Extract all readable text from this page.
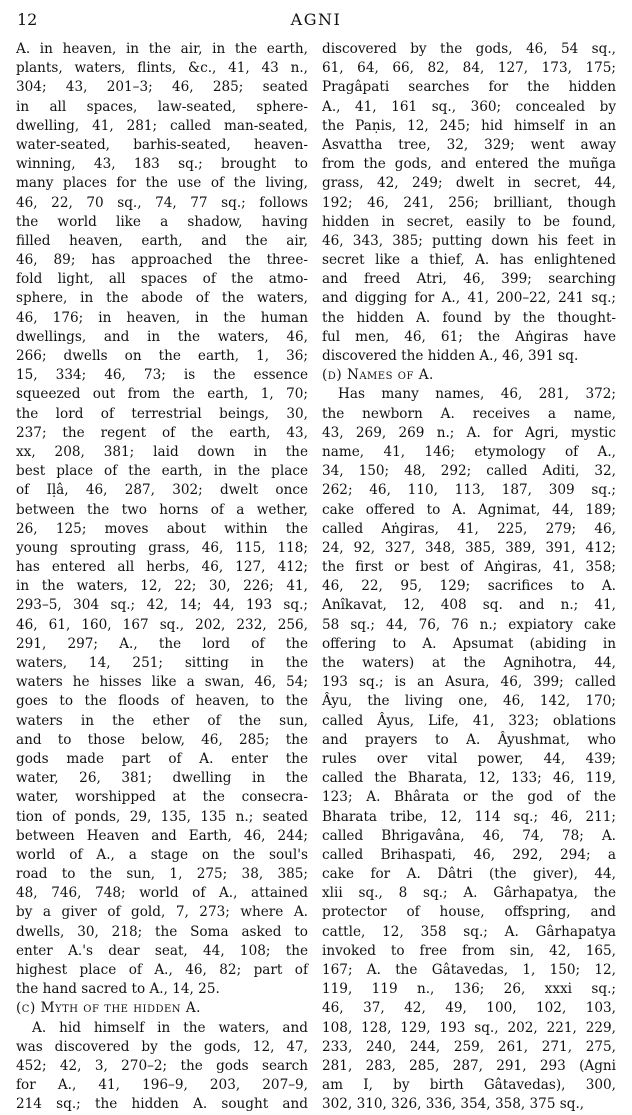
12	AGNI
A. in heaven, in the air, in the earth,
plants, waters, flints, &c., 41, 43 n.,
304; 43, 201–3; 46, 285; seated
in all spaces, law-seated, sphere-
dwelling, 41, 281; called man-seated,
water-seated, barhis-seated, heaven-
winning, 43, 183 sq.; brought to
many places for the use of the living,
46, 22, 70 sq., 74, 77 sq.; follows
the world like a shadow, having
filled heaven, earth, and the air,
46, 89; has approached the three-
fold light, all spaces of the atmo-
sphere, in the abode of the waters,
46, 176; in heaven, in the human
dwellings, and in the waters, 46,
266; dwells on the earth, 1, 36;
15, 334; 46, 73; is the essence
squeezed out from the earth, 1, 70;
the lord of terrestrial beings, 30,
237; the regent of the earth, 43,
xx, 208, 381; laid down in the
best place of the earth, in the place
of Iḷâ, 46, 287, 302; dwelt once
between the two horns of a wether,
26, 125; moves about within the
young sprouting grass, 46, 115, 118;
has entered all herbs, 46, 127, 412;
in the waters, 12, 22; 30, 226; 41,
293–5, 304 sq.; 42, 14; 44, 193 sq.;
46, 61, 160, 167 sq., 202, 232, 256,
291, 297; A., the lord of the
waters, 14, 251; sitting in the
waters he hisses like a swan, 46, 54;
goes to the floods of heaven, to the
waters in the ether of the sun,
and to those below, 46, 285; the
gods made part of A. enter the
water, 26, 381; dwelling in the
water, worshipped at the consecra-
tion of ponds, 29, 135, 135 n.; seated
between Heaven and Earth, 46, 244;
world of A., a stage on the soul's
road to the sun, 1, 275; 38, 385;
48, 746, 748; world of A., attained
by a giver of gold, 7, 273; where A.
dwells, 30, 218; the Soma asked to
enter A.'s dear seat, 44, 108; the
highest place of A., 46, 82; part of
the hand sacred to A., 14, 25.
(c) Myth of the hidden A.
A. hid himself in the waters, and
was discovered by the gods, 12, 47,
452; 42, 3, 270–2; the gods search
for A., 41, 196–9, 203, 207–9,
214 sq.; the hidden A. sought and
discovered by the gods, 46, 54 sq.,
61, 64, 66, 82, 84, 127, 173, 175;
Pragâpati searches for the hidden
A., 41, 161 sq., 360; concealed by
the Paṇis, 12, 245; hid himself in an
Asvattha tree, 32, 329; went away
from the gods, and entered the muñga
grass, 42, 249; dwelt in secret, 44,
192; 46, 241, 256; brilliant, though
hidden in secret, easily to be found,
46, 343, 385; putting down his feet in
secret like a thief, A. has enlightened
and freed Atri, 46, 399; searching
and digging for A., 41, 200–22, 241 sq.;
the hidden A. found by the thought-
ful men, 46, 61; the Aṅgiras have
discovered the hidden A., 46, 391 sq.
(d) Names of A.
Has many names, 46, 281, 372;
the newborn A. receives a name,
43, 269, 269 n.; A. for Agri, mystic
name, 41, 146; etymology of A.,
34, 150; 48, 292; called Aditi, 32,
262; 46, 110, 113, 187, 309 sq.;
cake offered to A. Agnimat, 44, 189;
called Aṅgiras, 41, 225, 279; 46,
24, 92, 327, 348, 385, 389, 391, 412;
the first or best of Aṅgiras, 41, 358;
46, 22, 95, 129; sacrifices to A.
Anîkavat, 12, 408 sq. and n.; 41,
58 sq.; 44, 76, 76 n.; expiatory cake
offering to A. Apsumat (abiding in
the waters) at the Agnihotra, 44,
193 sq.; is an Asura, 46, 399; called
Âyu, the living one, 46, 142, 170;
called Âyus, Life, 41, 323; oblations
and prayers to A. Âyushmat, who
rules over vital power, 44, 439;
called the Bharata, 12, 133; 46, 119,
123; A. Bhârata or the god of the
Bharata tribe, 12, 114 sq.; 46, 211;
called Bhrigavâna, 46, 74, 78; A.
called Brihaspati, 46, 292, 294; a
cake for A. Dâtri (the giver), 44,
xlii sq., 8 sq.; A. Gârhapatya, the
protector of house, offspring, and
cattle, 12, 358 sq.; A. Gârhapatya
invoked to free from sin, 42, 165,
167; A. the Gâtavedas, 1, 150; 12,
119, 119 n., 136; 26, xxxi sq.;
46, 37, 42, 49, 100, 102, 103,
108, 128, 129, 193 sq., 202, 221, 229,
233, 240, 244, 259, 261, 271, 275,
281, 283, 285, 287, 291, 293 (Agni
am I, by birth Gâtavedas), 300,
302, 310, 326, 336, 354, 358, 375 sq.,
